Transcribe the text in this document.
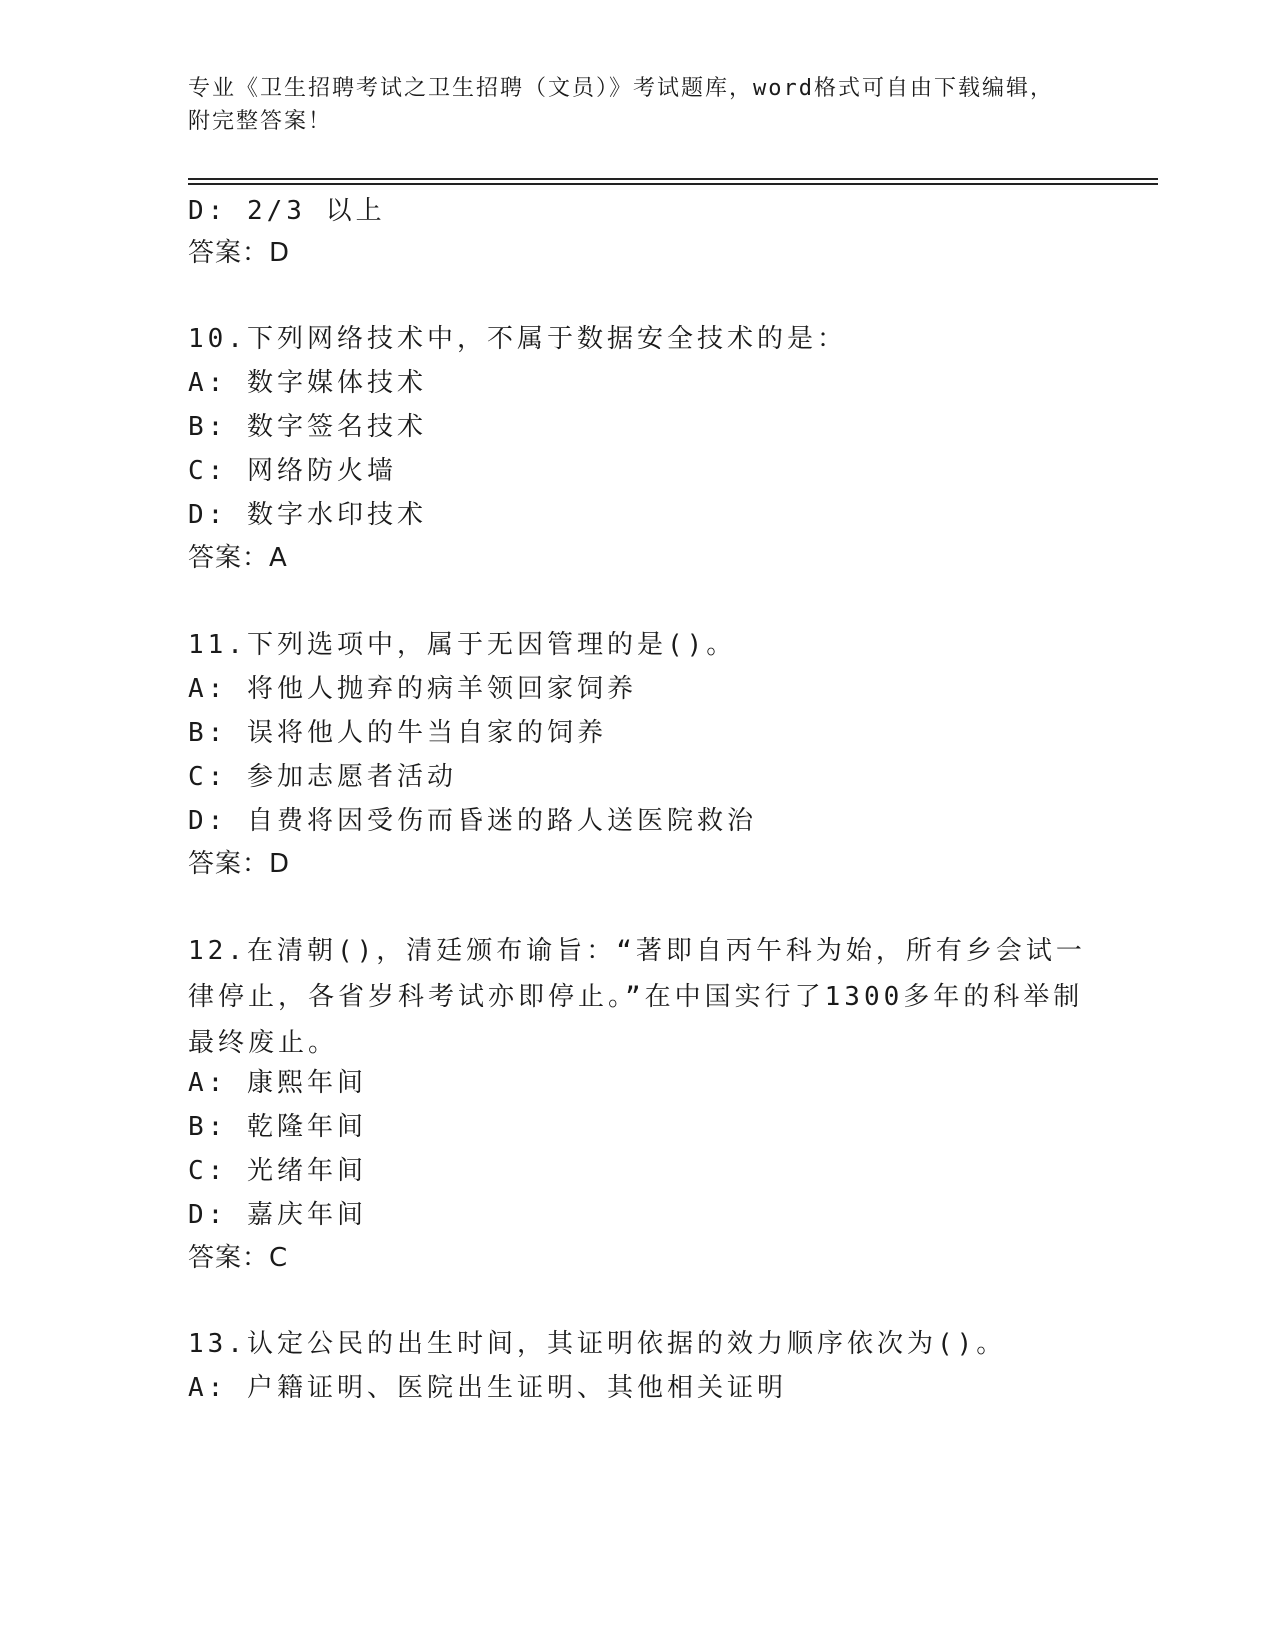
专业《卫生招聘考试之卫生招聘（文员）》考试题库，word格式可自由下载编辑，附完整答案！
D: 2/3 以上
答案：D
10.下列网络技术中，不属于数据安全技术的是：
A: 数字媒体技术
B: 数字签名技术
C: 网络防火墙
D: 数字水印技术
答案：A
11.下列选项中，属于无因管理的是()。
A: 将他人抛弃的病羊领回家饲养
B: 误将他人的牛当自家的饲养
C: 参加志愿者活动
D: 自费将因受伤而昏迷的路人送医院救治
答案：D
12.在清朝()，清廷颁布谕旨：“著即自丙午科为始，所有乡会试一律停止，各省岁科考试亦即停止。”在中国实行了1300多年的科举制最终废止。
A: 康熙年间
B: 乾隆年间
C: 光绪年间
D: 嘉庆年间
答案：C
13.认定公民的出生时间，其证明依据的效力顺序依次为()。
A: 户籍证明、医院出生证明、其他相关证明
